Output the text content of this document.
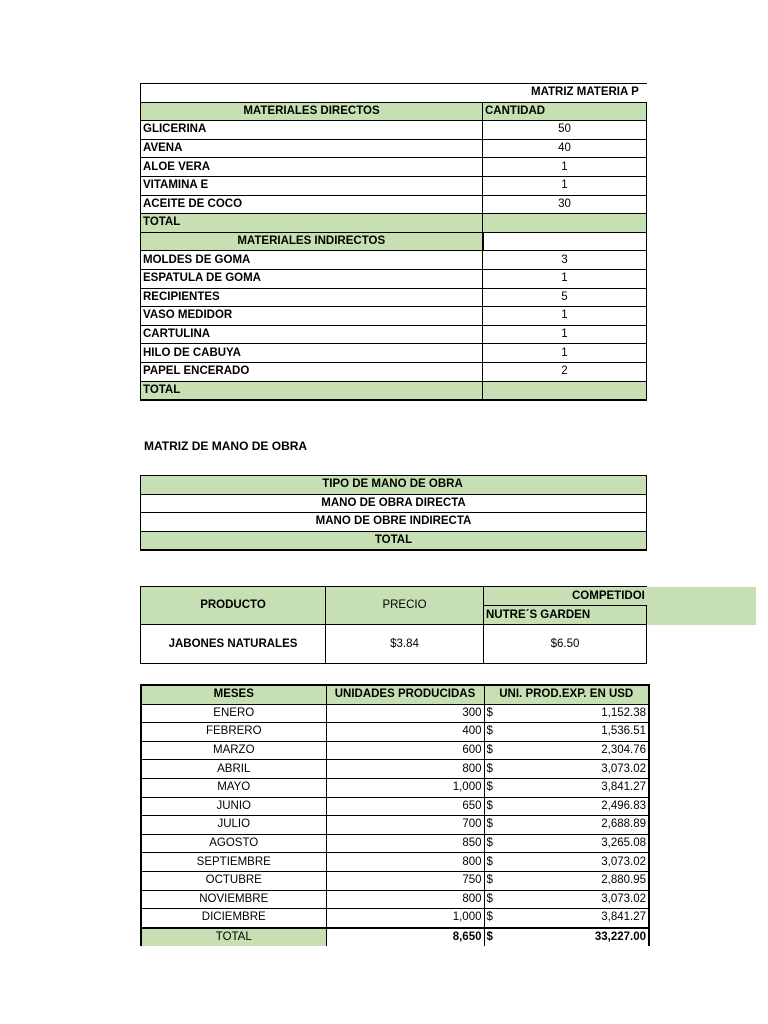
MATRIZ MATERIA P		
MATERIALES DIRECTOS	CANTIDAD	
GLICERINA	50	
AVENA	40	
ALOE VERA	1	
VITAMINA E	1	
ACEITE DE COCO	30	
TOTAL		
MATERIALES INDIRECTOS		
MOLDES DE GOMA	3	
ESPATULA DE GOMA	1	
RECIPIENTES	5	
VASO MEDIDOR	1	
CARTULINA	1	
HILO DE CABUYA	1	
PAPEL ENCERADO	2	
TOTAL		
MATRIZ DE MANO DE OBRA
TIPO DE MANO DE OBRA	
MANO DE OBRA DIRECTA	
MANO DE OBRE INDIRECTA	
TOTAL	
PRODUCTO	PRECIO	COMPETIDOI	
		NUTRE´S GARDEN	
JABONES NATURALES	$3.84	$6.50	
MESES	UNIDADES PRODUCIDAS	UNI. PROD.EXP. EN USD
ENERO	300	$ 1,152.38

FEBRERO	400	$ 1,536.51

MARZO	600	$ 2,304.76

ABRIL	800	$ 3,073.02

MAYO	1,000	$ 3,841.27

JUNIO	650	$ 2,496.83

JULIO	700	$ 2,688.89

AGOSTO	850	$ 3,265.08

SEPTIEMBRE	800	$ 3,073.02

OCTUBRE	750	$ 2,880.95

NOVIEMBRE	800	$ 3,073.02

DICIEMBRE	1,000	$ 3,841.27

TOTAL	8,650	$ 33,227.00
